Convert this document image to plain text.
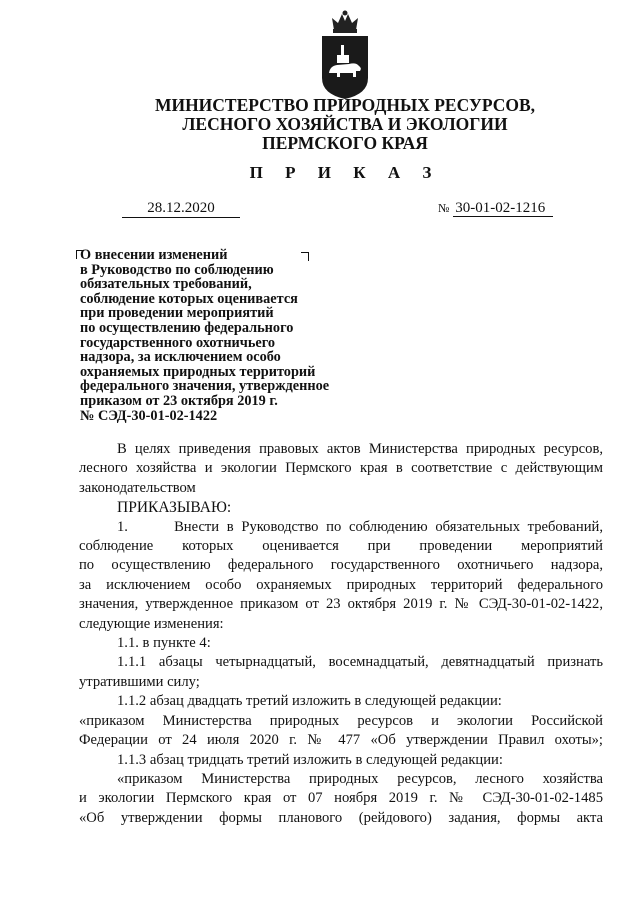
МИНИСТЕРСТВО ПРИРОДНЫХ РЕСУРСОВ,
ЛЕСНОГО ХОЗЯЙСТВА И ЭКОЛОГИИ
ПЕРМСКОГО КРАЯ
П Р И К А З
28.12.2020	№ 30-01-02-1216
О внесении изменений
в Руководство по соблюдению
обязательных требований,
соблюдение которых оценивается
при проведении мероприятий
по осуществлению федерального
государственного охотничьего
надзора, за исключением особо
охраняемых природных территорий
федерального значения, утвержденное
приказом от 23 октября 2019 г.
№ СЭД-30-01-02-1422

В целях приведения правовых актов Министерства природных ресурсов,

лесного хозяйства и экологии Пермского края в соответствие с действующим

законодательством

ПРИКАЗЫВАЮ:

1.      Внести в Руководство по соблюдению обязательных требований,

соблюдение которых оценивается при проведении мероприятий

по осуществлению федерального государственного охотничьего надзора,

за исключением особо охраняемых природных территорий федерального

значения, утвержденное приказом от 23 октября 2019 г. № СЭД-30-01-02-1422,

следующие изменения:

1.1. в пункте 4:

1.1.1 абзацы четырнадцатый, восемнадцатый, девятнадцатый признать

утратившими силу;

1.1.2 абзац двадцать третий изложить в следующей редакции:

«приказом Министерства природных ресурсов и экологии Российской

Федерации от 24 июля 2020 г. № 477 «Об утверждении Правил охоты»;

1.1.3 абзац тридцать третий изложить в следующей редакции:

«приказом Министерства природных ресурсов, лесного хозяйства

и экологии Пермского края от 07 ноября 2019 г. № СЭД-30-01-02-1485

«Об утверждении формы планового (рейдового) задания, формы акта
